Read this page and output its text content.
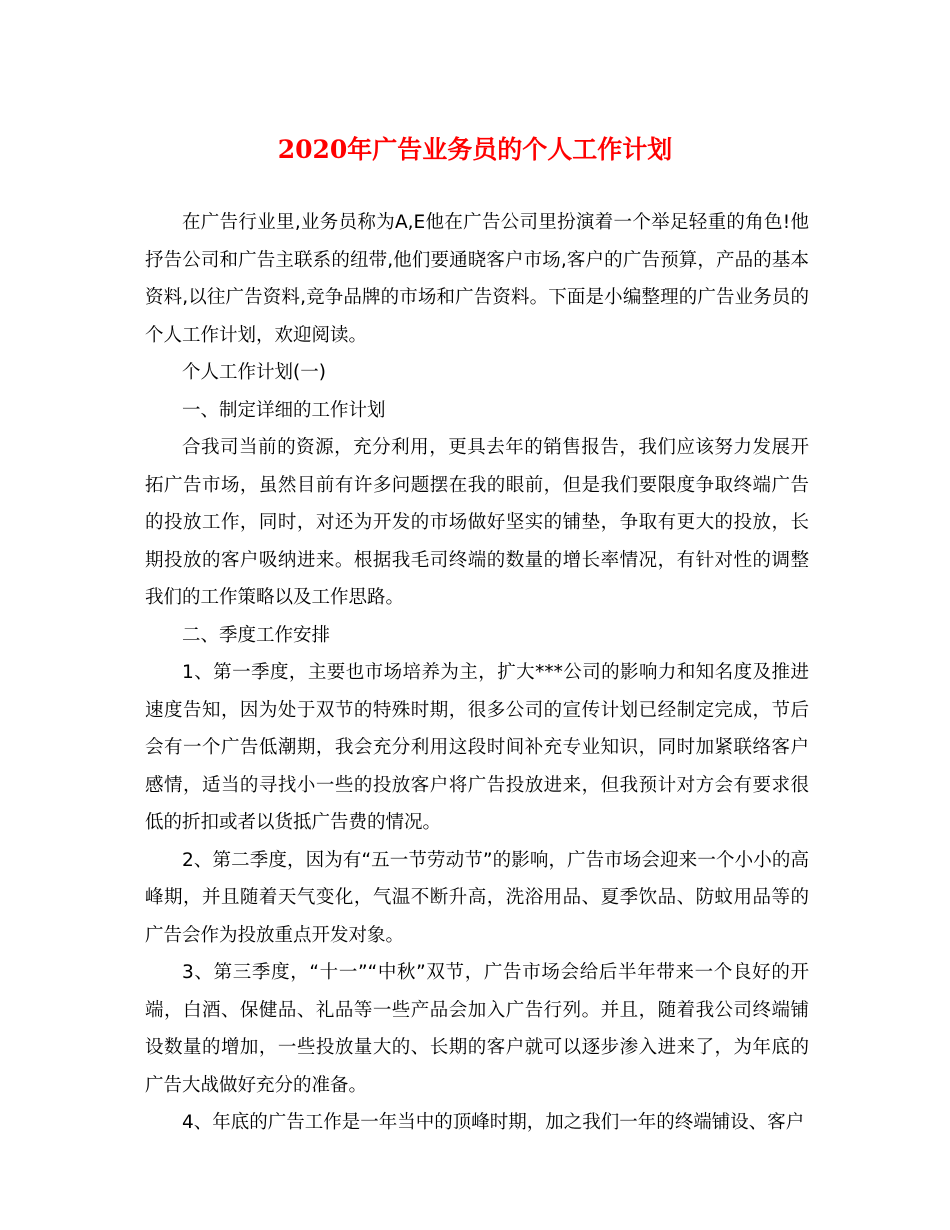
2020年广告业务员的个人工作计划

在广告行业里,业务员称为A,E他在广告公司里扮演着一个举足轻重的角色!他抒告公司和广告主联系的纽带,他们要通晓客户市场,客户的广告预算，产品的基本资料,以往广告资料,竞争品牌的市场和广告资料。下面是小编整理的广告业务员的个人工作计划，欢迎阅读。

个人工作计划(一)

一、制定详细的工作计划

合我司当前的资源，充分利用，更具去年的销售报告，我们应该努力发展开拓广告市场，虽然目前有许多问题摆在我的眼前，但是我们要限度争取终端广告的投放工作，同时，对还为开发的市场做好坚实的铺垫，争取有更大的投放，长期投放的客户吸纳进来。根据我毛司终端的数量的增长率情况，有针对性的调整我们的工作策略以及工作思路。

二、季度工作安排

1、第一季度，主要也市场培养为主，扩大***公司的影响力和知名度及推进速度告知，因为处于双节的特殊时期，很多公司的宣传计划已经制定完成，节后会有一个广告低潮期，我会充分利用这段时间补充专业知识，同时加紧联络客户感情，适当的寻找小一些的投放客户将广告投放进来，但我预计对方会有要求很低的折扣或者以货抵广告费的情况。

2、第二季度，因为有“五一节劳动节”的影响，广告市场会迎来一个小小的高峰期，并且随着天气变化，气温不断升高，洗浴用品、夏季饮品、防蚊用品等的广告会作为投放重点开发对象。

3、第三季度，“十一”“中秋”双节，广告市场会给后半年带来一个良好的开端，白酒、保健品、礼品等一些产品会加入广告行列。并且，随着我公司终端铺设数量的增加，一些投放量大的、长期的客户就可以逐步渗入进来了，为年底的广告大战做好充分的准备。

4、年底的广告工作是一年当中的顶峰时期，加之我们一年的终端铺设、客户
